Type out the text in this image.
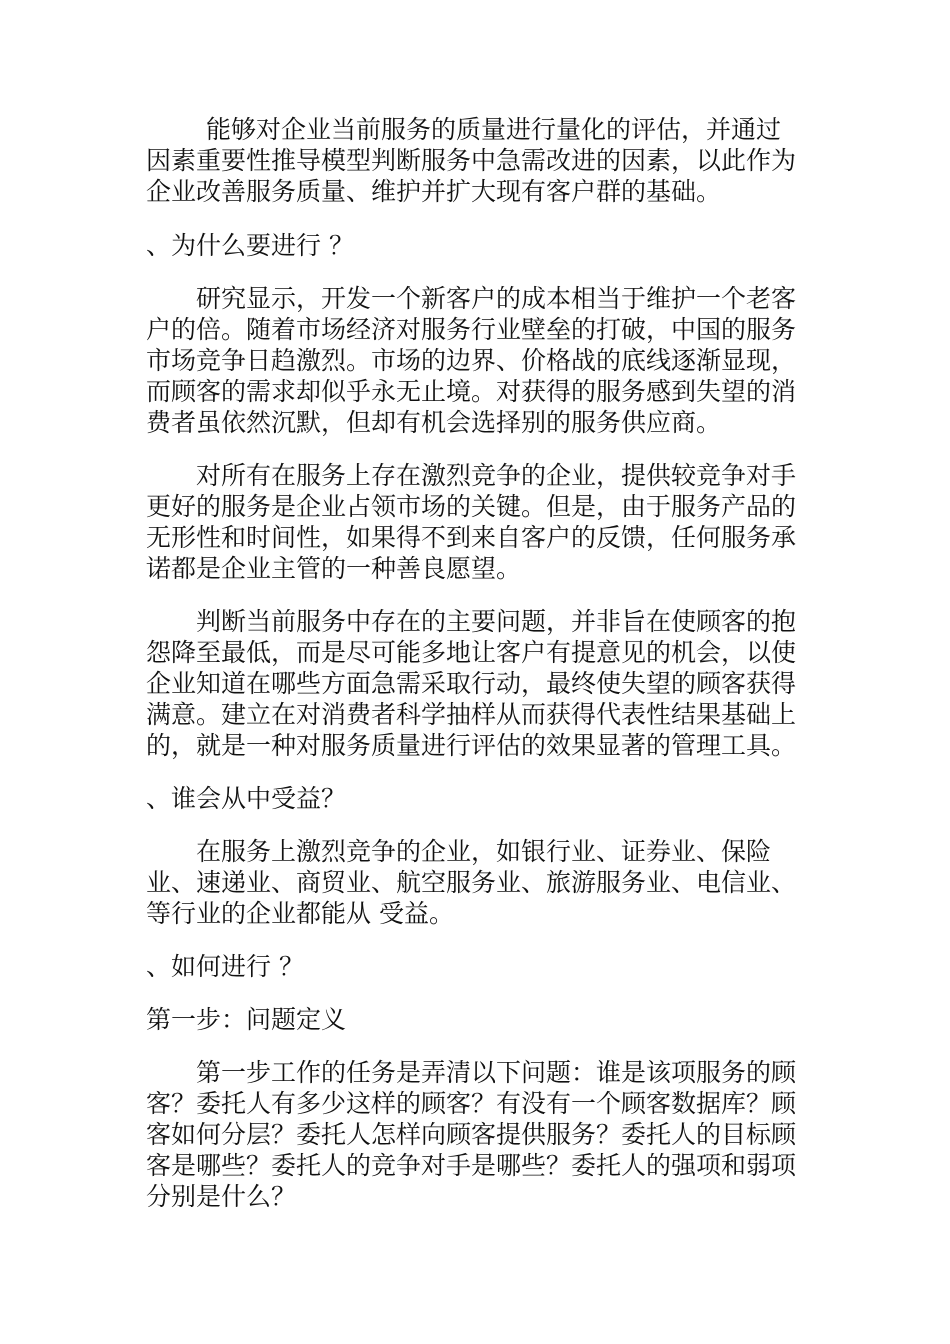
能够对企业当前服务的质量进行量化的评估，并通过因素重要性推导模型判断服务中急需改进的因素，以此作为企业改善服务质量、维护并扩大现有客户群的基础。

、为什么要进行 ？

研究显示，开发一个新客户的成本相当于维护一个老客户的倍。随着市场经济对服务行业壁垒的打破，中国的服务市场竞争日趋激烈。市场的边界、价格战的底线逐渐显现，而顾客的需求却似乎永无止境。对获得的服务感到失望的消费者虽依然沉默，但却有机会选择别的服务供应商。

对所有在服务上存在激烈竞争的企业，提供较竞争对手更好的服务是企业占领市场的关键。但是，由于服务产品的无形性和时间性，如果得不到来自客户的反馈，任何服务承诺都是企业主管的一种善良愿望。

判断当前服务中存在的主要问题，并非旨在使顾客的抱怨降至最低，而是尽可能多地让客户有提意见的机会，以使企业知道在哪些方面急需采取行动，最终使失望的顾客获得满意。建立在对消费者科学抽样从而获得代表性结果基础上的，就是一种对服务质量进行评估的效果显著的管理工具。

、谁会从中受益？

在服务上激烈竞争的企业，如银行业、证券业、保险业、速递业、商贸业、航空服务业、旅游服务业、电信业、等行业的企业都能从 受益。

、如何进行 ？

第一步：问题定义

第一步工作的任务是弄清以下问题：谁是该项服务的顾客？委托人有多少这样的顾客？有没有一个顾客数据库？顾客如何分层？委托人怎样向顾客提供服务？委托人的目标顾客是哪些？委托人的竞争对手是哪些？委托人的强项和弱项分别是什么？
